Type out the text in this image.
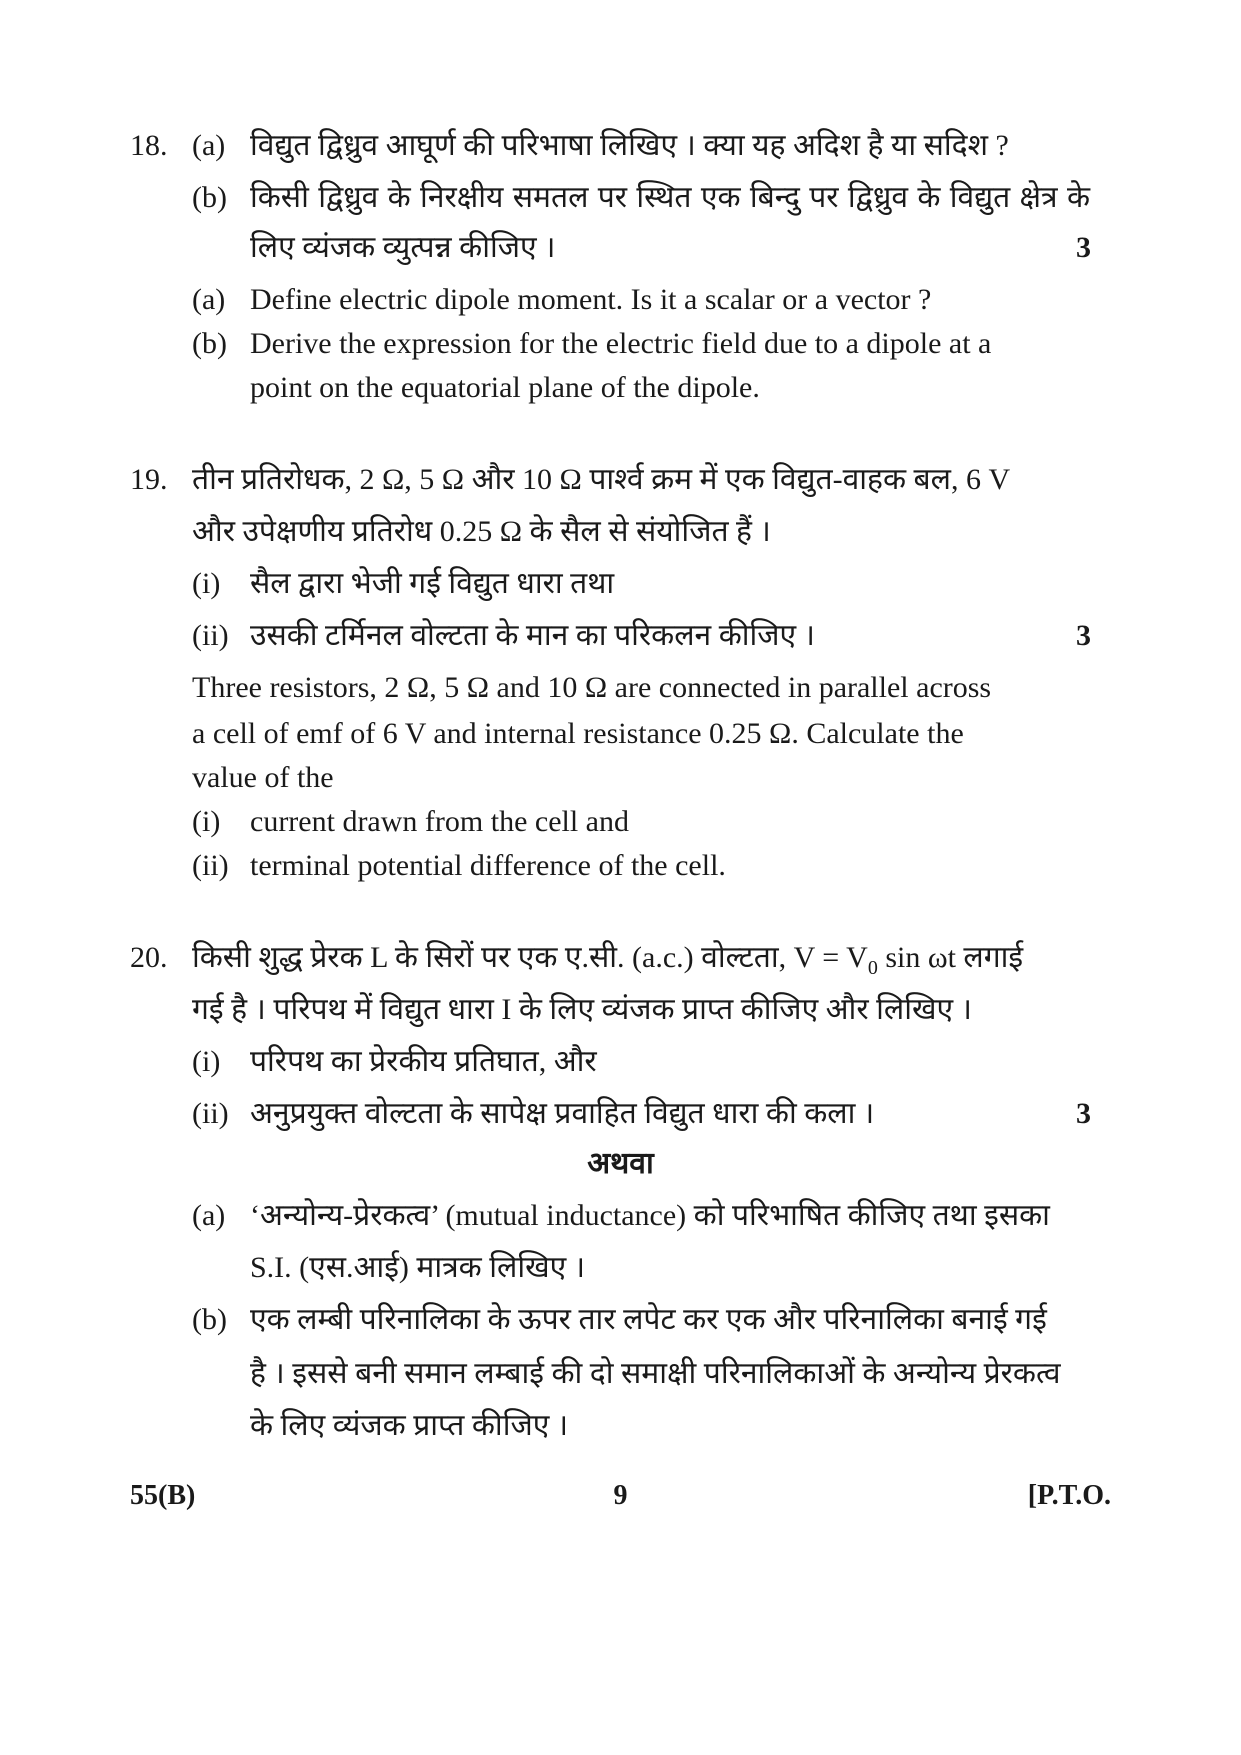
18. (a) विद्युत द्विध्रुव आघूर्ण की परिभाषा लिखिए । क्या यह अदिश है या सदिश ?
(b) किसी द्विध्रुव के निरक्षीय समतल पर स्थित एक बिन्दु पर द्विध्रुव के विद्युत क्षेत्र के
लिए व्यंजक व्युत्पन्न कीजिए ।	3
(a) Define electric dipole moment. Is it a scalar or a vector ?
(b) Derive the expression for the electric field due to a dipole at a
point on the equatorial plane of the dipole.
19. तीन प्रतिरोधक, 2 Ω, 5 Ω और 10 Ω पार्श्व क्रम में एक विद्युत-वाहक बल, 6 V
और उपेक्षणीय प्रतिरोध 0.25 Ω के सैल से संयोजित हैं ।
(i) सैल द्वारा भेजी गई विद्युत धारा तथा
(ii) उसकी टर्मिनल वोल्टता के मान का परिकलन कीजिए ।	3
Three resistors, 2 Ω, 5 Ω and 10 Ω are connected in parallel across
a cell of emf of 6 V and internal resistance 0.25 Ω. Calculate the
value of the
(i) current drawn from the cell and
(ii) terminal potential difference of the cell.
20. किसी शुद्ध प्रेरक L के सिरों पर एक ए.सी. (a.c.) वोल्टता, $V = V_0$ sin ωt लगाई
गई है । परिपथ में विद्युत धारा I के लिए व्यंजक प्राप्त कीजिए और लिखिए ।
(i) परिपथ का प्रेरकीय प्रतिघात, और
(ii) अनुप्रयुक्त वोल्टता के सापेक्ष प्रवाहित विद्युत धारा की कला ।	3
अथवा
(a) ‘अन्योन्य-प्रेरकत्व’ (mutual inductance) को परिभाषित कीजिए तथा इसका
S.I. (एस.आई) मात्रक लिखिए ।
(b) एक लम्बी परिनालिका के ऊपर तार लपेट कर एक और परिनालिका बनाई गई
है । इससे बनी समान लम्बाई की दो समाक्षी परिनालिकाओं के अन्योन्य प्रेरकत्व
के लिए व्यंजक प्राप्त कीजिए ।
55(B)	9	[P.T.O.
